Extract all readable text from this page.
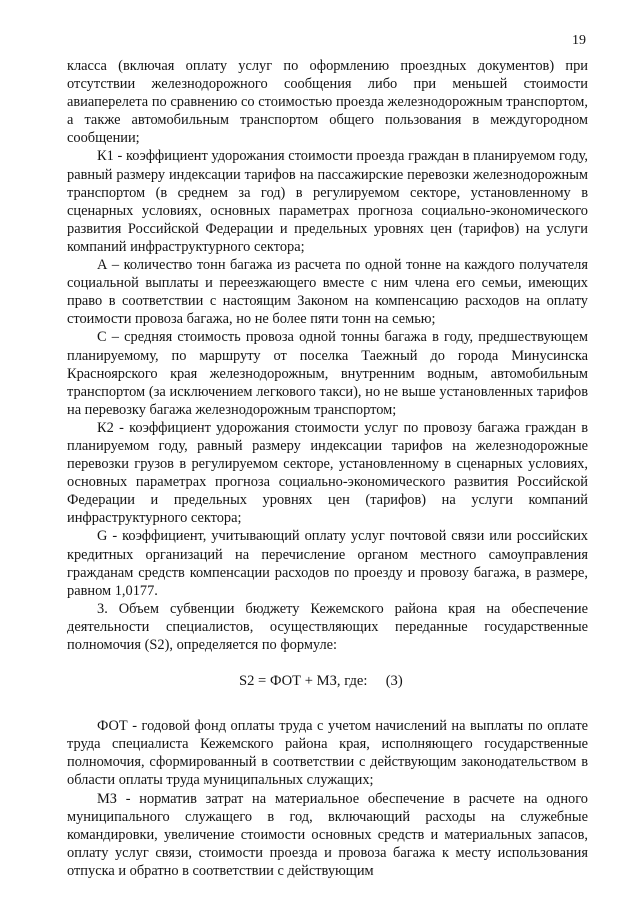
19

класса (включая оплату услуг по оформлению проездных документов) при отсутствии железнодорожного сообщения либо при меньшей стоимости авиаперелета по сравнению со стоимостью проезда железнодорожным транспортом, а также автомобильным транспортом общего пользования в междугородном сообщении;

К1 - коэффициент удорожания стоимости проезда граждан в планируемом году, равный размеру индексации тарифов на пассажирские перевозки железнодорожным транспортом (в среднем за год) в регулируемом секторе, установленному в сценарных условиях, основных параметрах прогноза социально-экономического развития Российской Федерации и предельных уровнях цен (тарифов) на услуги компаний инфраструктурного сектора;

А – количество тонн багажа из расчета по одной тонне на каждого получателя социальной выплаты и переезжающего вместе с ним члена его семьи, имеющих право в соответствии с настоящим Законом на компенсацию расходов на оплату стоимости провоза багажа, но не более пяти тонн на семью;

С – средняя стоимость провоза одной тонны багажа в году, предшествующем планируемому, по маршруту от поселка Таежный до города Минусинска Красноярского края железнодорожным, внутренним водным, автомобильным транспортом (за исключением легкового такси), но не выше установленных тарифов на перевозку багажа железнодорожным транспортом;

К2 - коэффициент удорожания стоимости услуг по провозу багажа граждан в планируемом году, равный размеру индексации тарифов на железнодорожные перевозки грузов в регулируемом секторе, установленному в сценарных условиях, основных параметрах прогноза социально-экономического развития Российской Федерации и предельных уровнях цен (тарифов) на услуги компаний инфраструктурного сектора;

G - коэффициент, учитывающий оплату услуг почтовой связи или российских кредитных организаций на перечисление органом местного самоуправления гражданам средств компенсации расходов по проезду и провозу багажа, в размере, равном 1,0177.

3. Объем субвенции бюджету Кежемского района края на обеспечение деятельности специалистов, осуществляющих переданные государственные полномочия (S2), определяется по формуле:

S2 = ФОТ + МЗ, где: (3)

ФОТ - годовой фонд оплаты труда с учетом начислений на выплаты по оплате труда специалиста Кежемского района края, исполняющего государственные полномочия, сформированный в соответствии с действующим законодательством в области оплаты труда муниципальных служащих;

МЗ - норматив затрат на материальное обеспечение в расчете на одного муниципального служащего в год, включающий расходы на служебные командировки, увеличение стоимости основных средств и материальных запасов, оплату услуг связи, стоимости проезда и провоза багажа к месту использования отпуска и обратно в соответствии с действующим
